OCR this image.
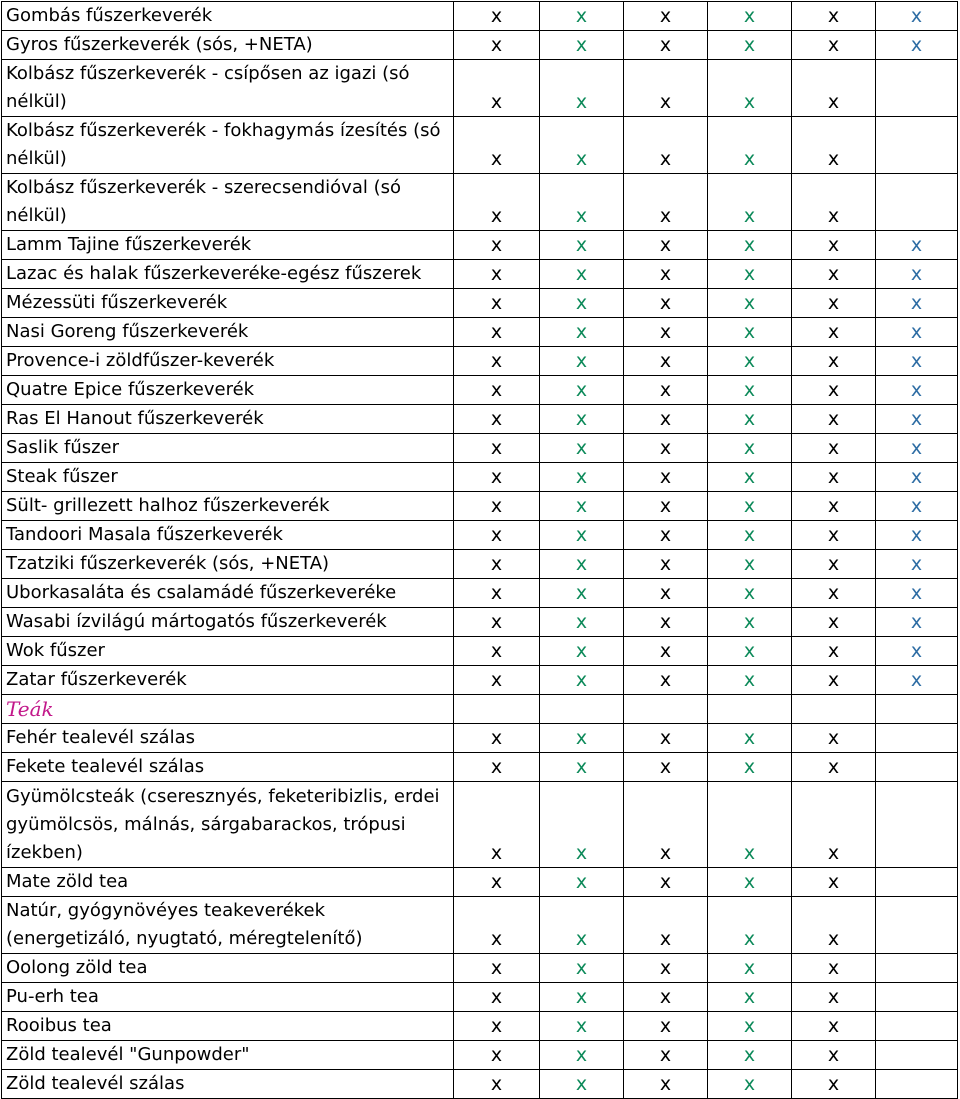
Gombás fűszerkeverék	x	x	x	x	x	x
Gyros fűszerkeverék (sós, +NETA)	x	x	x	x	x	x
Kolbász fűszerkeverék - csípősen az igazi (só nélkül)	x	x	x	x	x	
Kolbász fűszerkeverék - fokhagymás ízesítés (só nélkül)	x	x	x	x	x	
Kolbász fűszerkeverék - szerecsendióval (só nélkül)	x	x	x	x	x	
Lamm Tajine fűszerkeverék	x	x	x	x	x	x
Lazac és halak fűszerkeveréke-egész fűszerek	x	x	x	x	x	x
Mézessüti fűszerkeverék	x	x	x	x	x	x
Nasi Goreng fűszerkeverék	x	x	x	x	x	x
Provence-i zöldfűszer-keverék	x	x	x	x	x	x
Quatre Epice fűszerkeverék	x	x	x	x	x	x
Ras El Hanout fűszerkeverék	x	x	x	x	x	x
Saslik fűszer	x	x	x	x	x	x
Steak fűszer	x	x	x	x	x	x
Sült- grillezett halhoz fűszerkeverék	x	x	x	x	x	x
Tandoori Masala fűszerkeverék	x	x	x	x	x	x
Tzatziki fűszerkeverék (sós, +NETA)	x	x	x	x	x	x
Uborkasaláta és csalamádé fűszerkeveréke	x	x	x	x	x	x
Wasabi ízvilágú mártogatós fűszerkeverék	x	x	x	x	x	x
Wok fűszer	x	x	x	x	x	x
Zatar fűszerkeverék	x	x	x	x	x	x
Teák						
Fehér tealevél szálas	x	x	x	x	x	
Fekete tealevél szálas	x	x	x	x	x	
Gyümölcsteák (cseresznyés, feketeribizlis, erdei gyümölcsös, málnás, sárgabarackos, trópusi ízekben)	x	x	x	x	x	
Mate zöld tea	x	x	x	x	x	
Natúr, gyógynövéyes teakeverékek (energetizáló, nyugtató, méregtelenítő)	x	x	x	x	x	
Oolong zöld tea	x	x	x	x	x	
Pu-erh tea	x	x	x	x	x	
Rooibus tea	x	x	x	x	x	
Zöld tealevél "Gunpowder"	x	x	x	x	x	
Zöld tealevél szálas	x	x	x	x	x	
